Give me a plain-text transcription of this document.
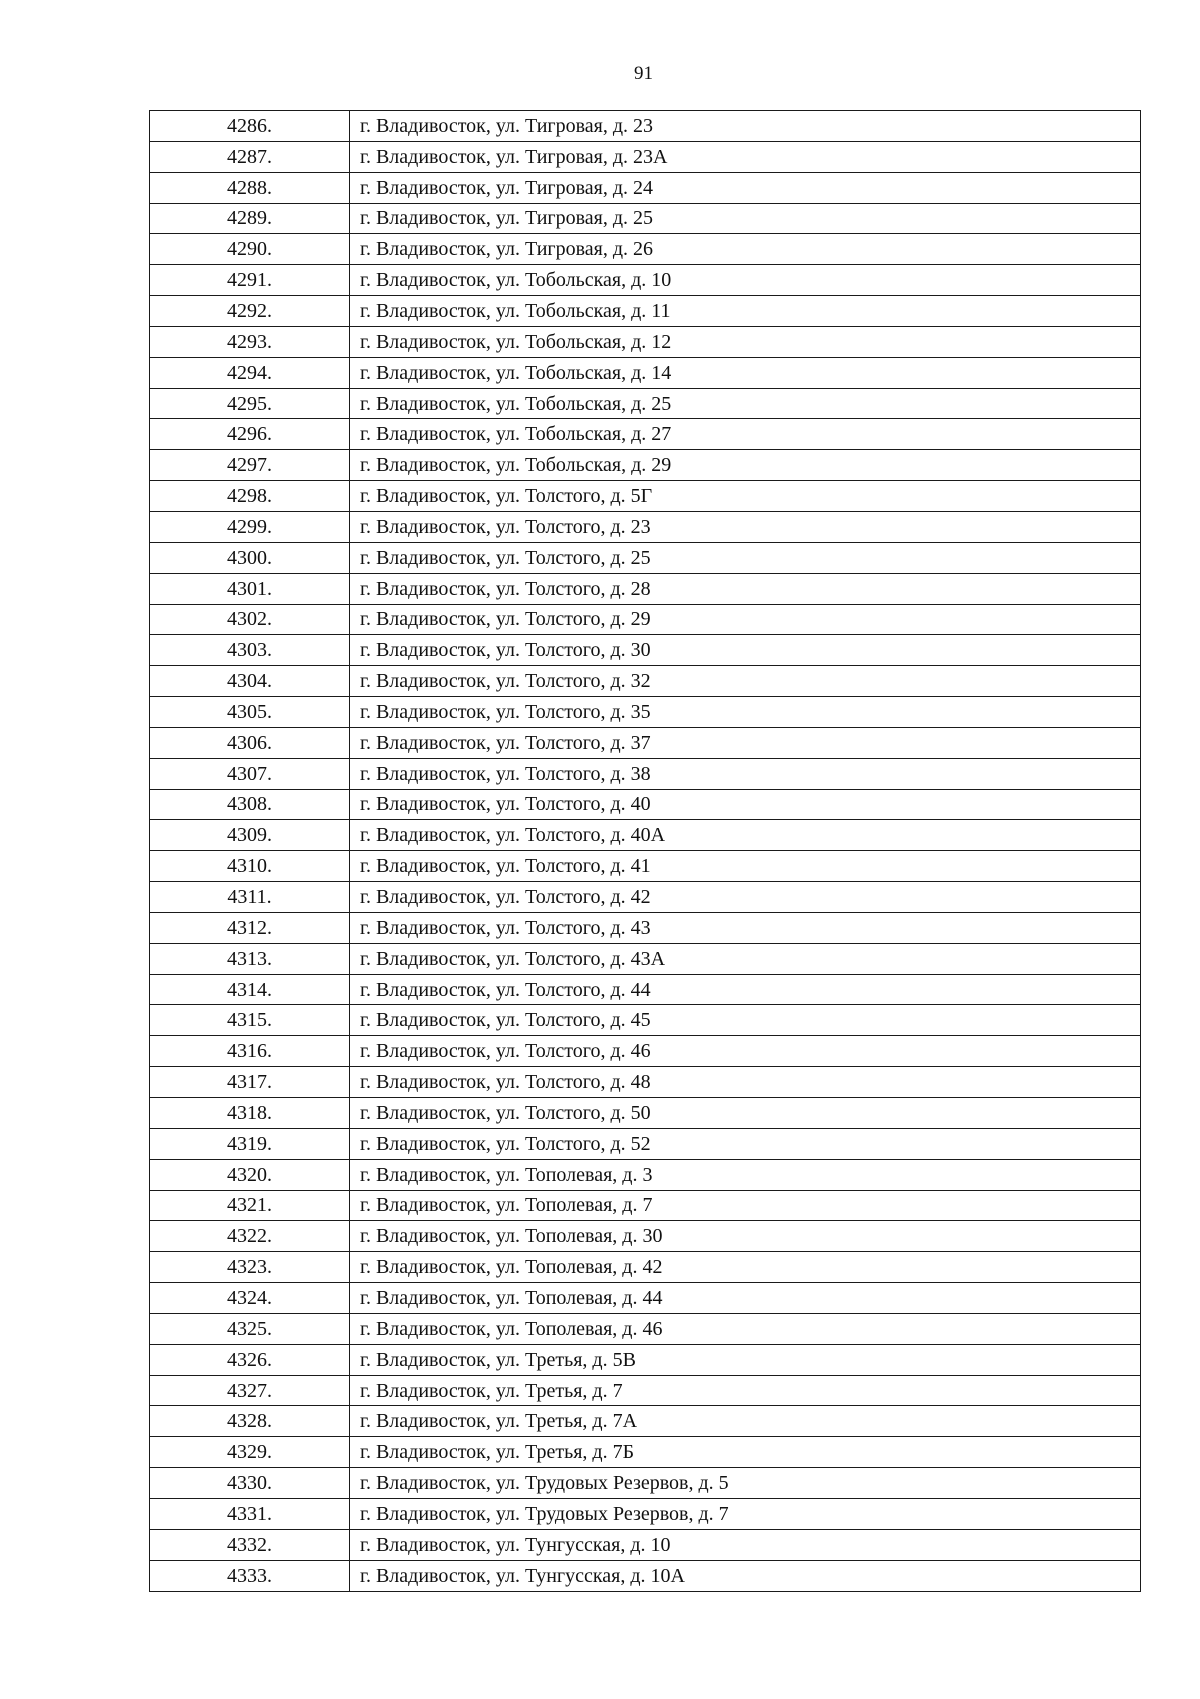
91
4286.	г. Владивосток, ул. Тигровая, д. 23
4287.	г. Владивосток, ул. Тигровая, д. 23А
4288.	г. Владивосток, ул. Тигровая, д. 24
4289.	г. Владивосток, ул. Тигровая, д. 25
4290.	г. Владивосток, ул. Тигровая, д. 26
4291.	г. Владивосток, ул. Тобольская, д. 10
4292.	г. Владивосток, ул. Тобольская, д. 11
4293.	г. Владивосток, ул. Тобольская, д. 12
4294.	г. Владивосток, ул. Тобольская, д. 14
4295.	г. Владивосток, ул. Тобольская, д. 25
4296.	г. Владивосток, ул. Тобольская, д. 27
4297.	г. Владивосток, ул. Тобольская, д. 29
4298.	г. Владивосток, ул. Толстого, д. 5Г
4299.	г. Владивосток, ул. Толстого, д. 23
4300.	г. Владивосток, ул. Толстого, д. 25
4301.	г. Владивосток, ул. Толстого, д. 28
4302.	г. Владивосток, ул. Толстого, д. 29
4303.	г. Владивосток, ул. Толстого, д. 30
4304.	г. Владивосток, ул. Толстого, д. 32
4305.	г. Владивосток, ул. Толстого, д. 35
4306.	г. Владивосток, ул. Толстого, д. 37
4307.	г. Владивосток, ул. Толстого, д. 38
4308.	г. Владивосток, ул. Толстого, д. 40
4309.	г. Владивосток, ул. Толстого, д. 40А
4310.	г. Владивосток, ул. Толстого, д. 41
4311.	г. Владивосток, ул. Толстого, д. 42
4312.	г. Владивосток, ул. Толстого, д. 43
4313.	г. Владивосток, ул. Толстого, д. 43А
4314.	г. Владивосток, ул. Толстого, д. 44
4315.	г. Владивосток, ул. Толстого, д. 45
4316.	г. Владивосток, ул. Толстого, д. 46
4317.	г. Владивосток, ул. Толстого, д. 48
4318.	г. Владивосток, ул. Толстого, д. 50
4319.	г. Владивосток, ул. Толстого, д. 52
4320.	г. Владивосток, ул. Тополевая, д. 3
4321.	г. Владивосток, ул. Тополевая, д. 7
4322.	г. Владивосток, ул. Тополевая, д. 30
4323.	г. Владивосток, ул. Тополевая, д. 42
4324.	г. Владивосток, ул. Тополевая, д. 44
4325.	г. Владивосток, ул. Тополевая, д. 46
4326.	г. Владивосток, ул. Третья, д. 5В
4327.	г. Владивосток, ул. Третья, д. 7
4328.	г. Владивосток, ул. Третья, д. 7А
4329.	г. Владивосток, ул. Третья, д. 7Б
4330.	г. Владивосток, ул. Трудовых Резервов, д. 5
4331.	г. Владивосток, ул. Трудовых Резервов, д. 7
4332.	г. Владивосток, ул. Тунгусская, д. 10
4333.	г. Владивосток, ул. Тунгусская, д. 10А
